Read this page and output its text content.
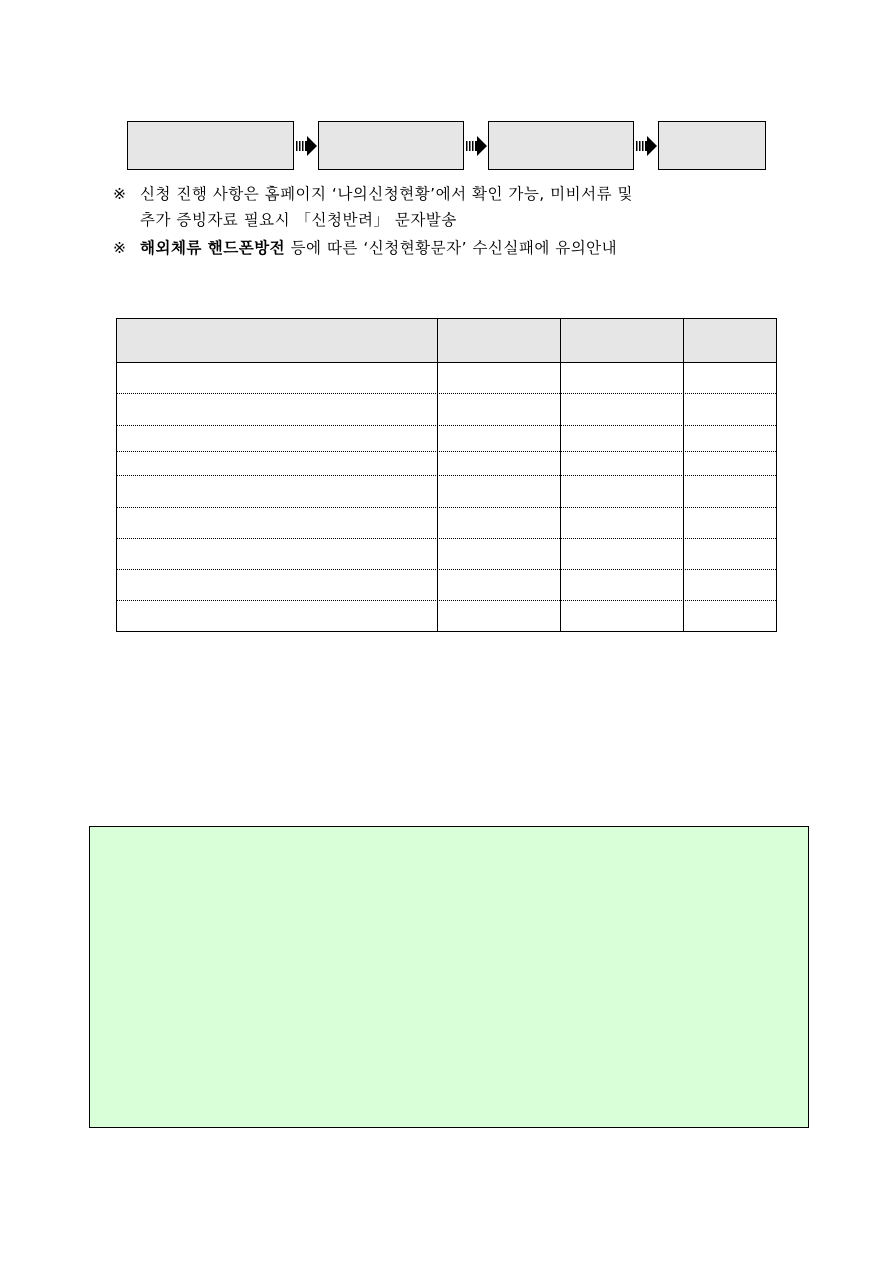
※ 신청 진행 사항은 홈페이지 ‘나의신청현황’에서 확인 가능, 미비서류 및
추가 증빙자료 필요시 「신청반려」 문자발송
※ 해외체류 핸드폰방전 등에 따른 ‘신청현황문자’ 수신실패에 유의안내
